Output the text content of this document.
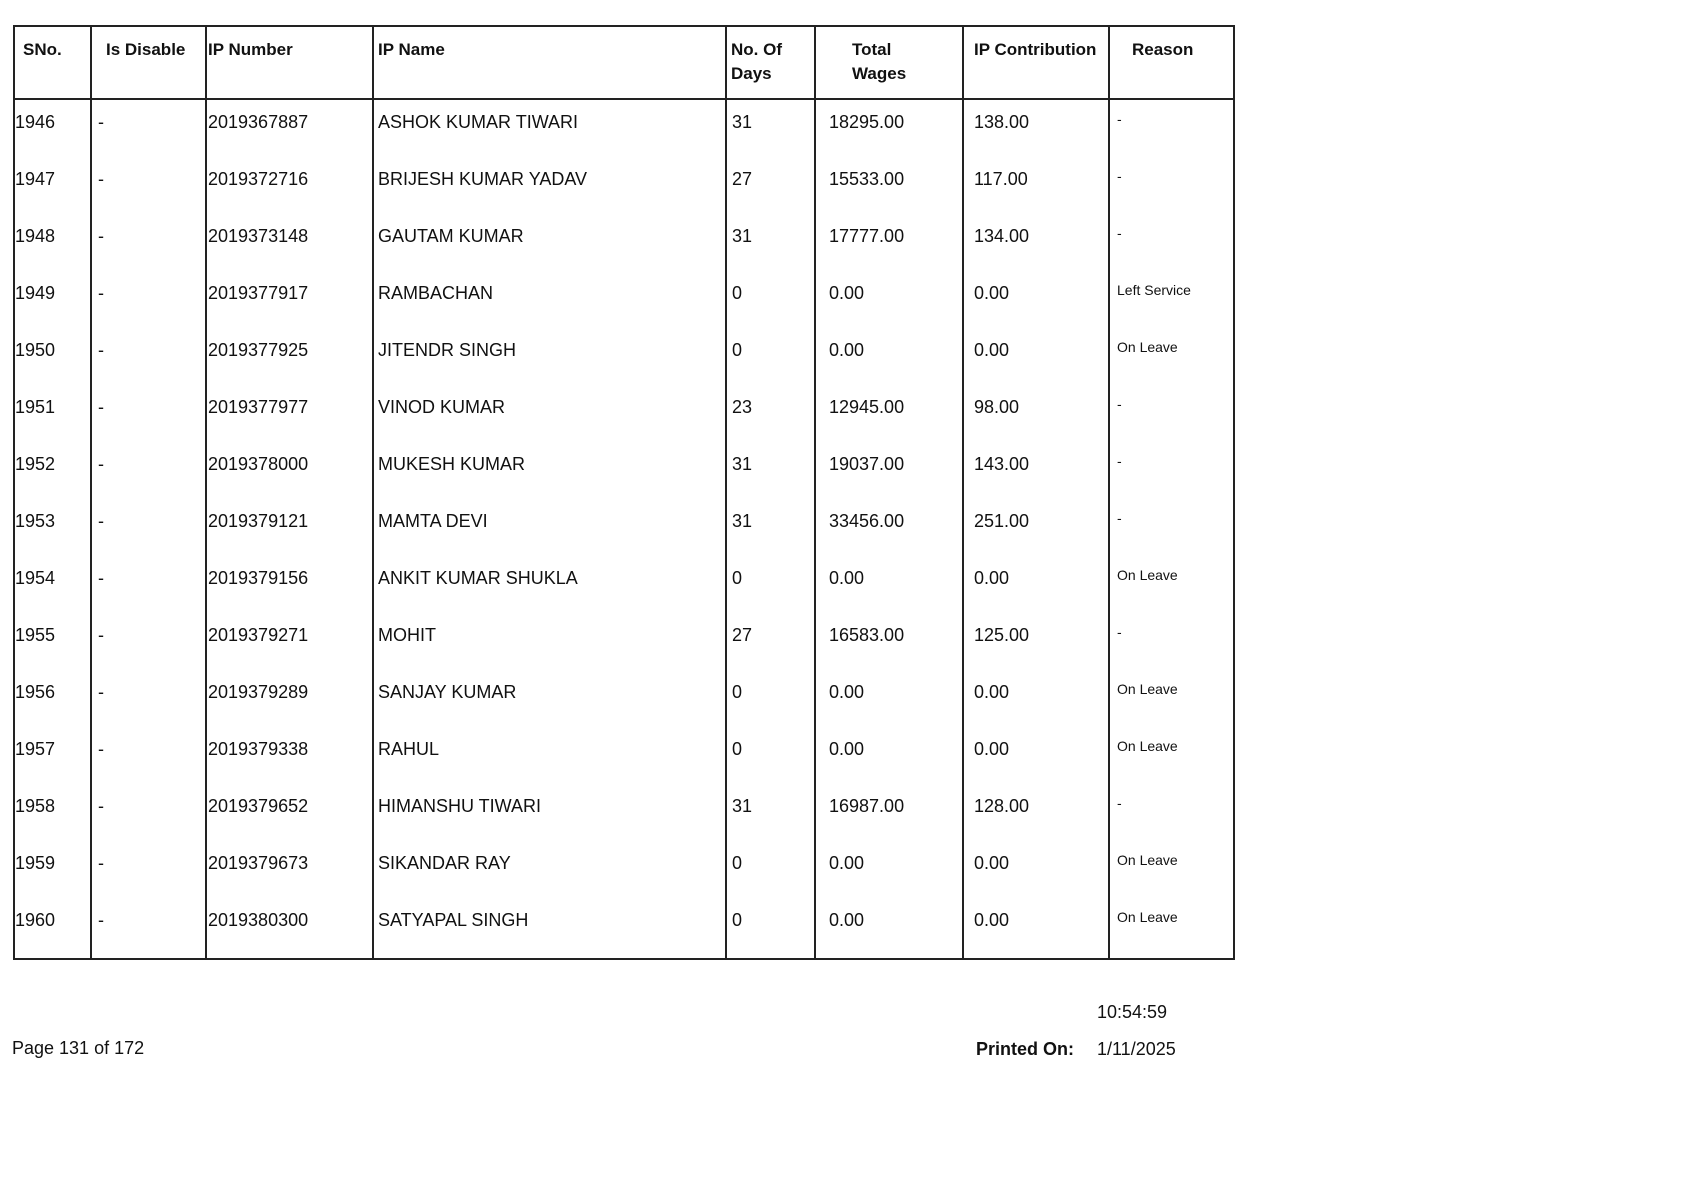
SNo.	Is Disable	IP Number	IP Name	No. Of Days	Total Wages	IP Contribution	Reason
1946	-	2019367887	ASHOK KUMAR TIWARI	31	18295.00	138.00	-
1947	-	2019372716	BRIJESH KUMAR YADAV	27	15533.00	117.00	-
1948	-	2019373148	GAUTAM KUMAR	31	17777.00	134.00	-
1949	-	2019377917	RAMBACHAN	0	0.00	0.00	Left Service
1950	-	2019377925	JITENDR SINGH	0	0.00	0.00	On Leave
1951	-	2019377977	VINOD KUMAR	23	12945.00	98.00	-
1952	-	2019378000	MUKESH KUMAR	31	19037.00	143.00	-
1953	-	2019379121	MAMTA DEVI	31	33456.00	251.00	-
1954	-	2019379156	ANKIT KUMAR SHUKLA	0	0.00	0.00	On Leave
1955	-	2019379271	MOHIT	27	16583.00	125.00	-
1956	-	2019379289	SANJAY KUMAR	0	0.00	0.00	On Leave
1957	-	2019379338	RAHUL	0	0.00	0.00	On Leave
1958	-	2019379652	HIMANSHU TIWARI	31	16987.00	128.00	-
1959	-	2019379673	SIKANDAR RAY	0	0.00	0.00	On Leave
1960	-	2019380300	SATYAPAL SINGH	0	0.00	0.00	On Leave
Page 131 of 172	Printed On:
10:54:59
1/11/2025
